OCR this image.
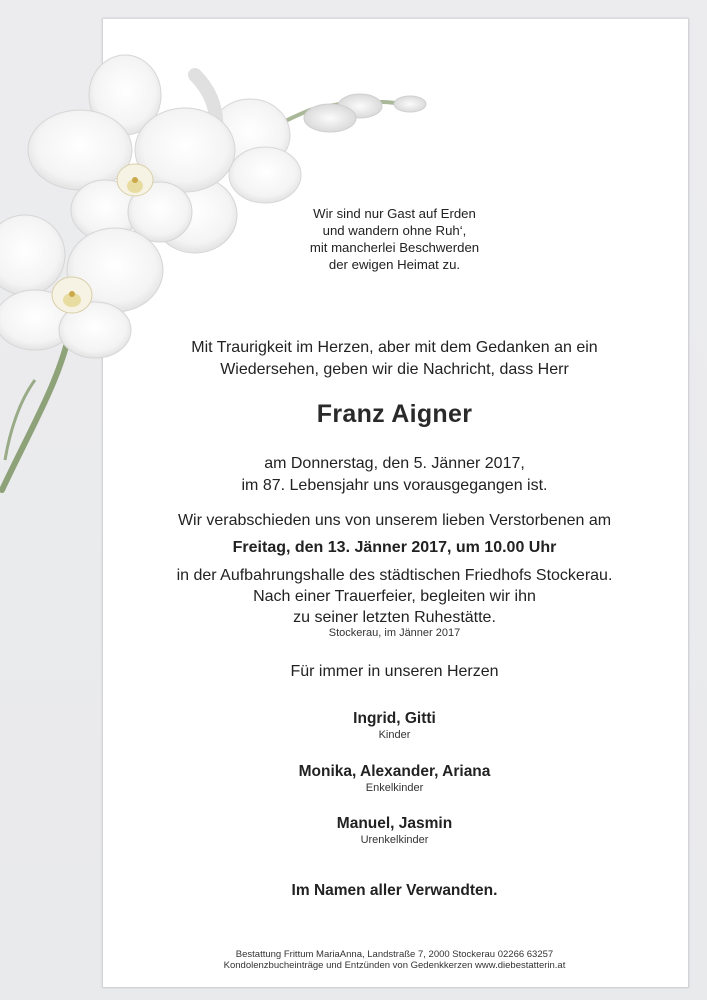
Wir sind nur Gast auf Erden
und wandern ohne Ruh‘,
mit mancherlei Beschwerden
der ewigen Heimat zu.
Mit Traurigkeit im Herzen, aber mit dem Gedanken an ein
Wiedersehen, geben wir die Nachricht, dass Herr
Franz Aigner
am Donnerstag, den 5. Jänner 2017,
im 87. Lebensjahr uns vorausgegangen ist.
Wir verabschieden uns von unserem lieben Verstorbenen am
Freitag, den 13. Jänner 2017, um 10.00 Uhr
in der Aufbahrungshalle des städtischen Friedhofs Stockerau.
Nach einer Trauerfeier, begleiten wir ihn
zu seiner letzten Ruhestätte.
Stockerau, im Jänner 2017
Für immer in unseren Herzen
Ingrid, Gitti
Kinder
Monika, Alexander, Ariana
Enkelkinder
Manuel, Jasmin
Urenkelkinder
Im Namen aller Verwandten.
Bestattung Frittum MariaAnna, Landstraße 7, 2000 Stockerau 02266 63257
Kondolenzbucheinträge und Entzünden von Gedenkkerzen www.diebestatterin.at
